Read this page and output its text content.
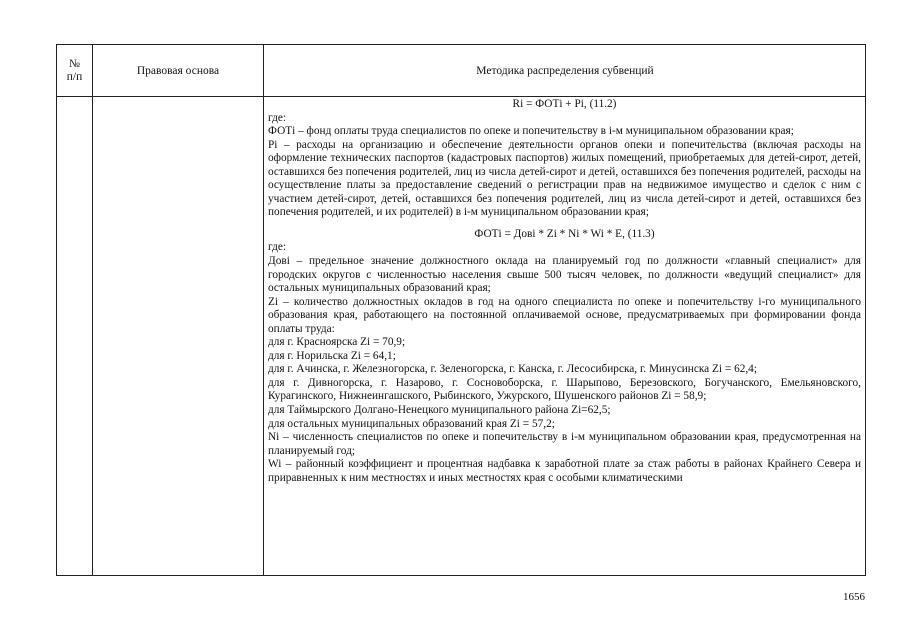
№
п/п	Правовая основа	Методика распределения субвенций

Ri = ФОТi + Pi, (11.2)

где:

ФОТi – фонд оплаты труда специалистов по опеке и попечительству в i-м муниципальном образовании края;

Pi – расходы на организацию и обеспечение деятельности органов опеки и попечительства (включая расходы на оформление технических паспортов (кадастровых паспортов) жилых помещений, приобретаемых для детей-сирот, детей, оставшихся без попечения родителей, лиц из числа детей-сирот и детей, оставшихся без попечения родителей, расходы на осуществление платы за предоставление сведений о регистрации прав на недвижимое имущество и сделок с ним с участием детей-сирот, детей, оставшихся без попечения родителей, лиц из числа детей-сирот и детей, оставшихся без попечения родителей, и их родителей) в i-м муниципальном образовании края;

ФОТi = Довi * Zi * Ni * Wi * E, (11.3)

где:

Довi – предельное значение должностного оклада на планируемый год по должности «главный специалист» для городских округов с численностью населения свыше 500 тысяч человек, по должности «ведущий специалист» для остальных муниципальных образований края;

Zi – количество должностных окладов в год на одного специалиста по опеке и попечительству i-го муниципального образования края, работающего на постоянной оплачиваемой основе, предусматриваемых при формировании фонда оплаты труда:

для г. Красноярска Zi = 70,9;

для г. Норильска Zi = 64,1;

для г. Ачинска, г. Железногорска, г. Зеленогорска, г. Канска, г. Лесосибирска, г. Минусинска Zi = 62,4;

для г. Дивногорска, г. Назарово, г. Сосновоборска, г. Шарыпово, Березовского, Богучанского, Емельяновского, Курагинского, Нижнеингашского, Рыбинского, Ужурского, Шушенского районов Zi = 58,9;

для Таймырского Долгано-Ненецкого муниципального района Zi=62,5;

для остальных муниципальных образований края Zi = 57,2;

Ni – численность специалистов по опеке и попечительству в i-м муниципальном образовании края, предусмотренная на планируемый год;

Wi – районный коэффициент и процентная надбавка к заработной плате за стаж работы в районах Крайнего Севера и приравненных к ним местностях и иных местностях края с особыми климатическими

1656
